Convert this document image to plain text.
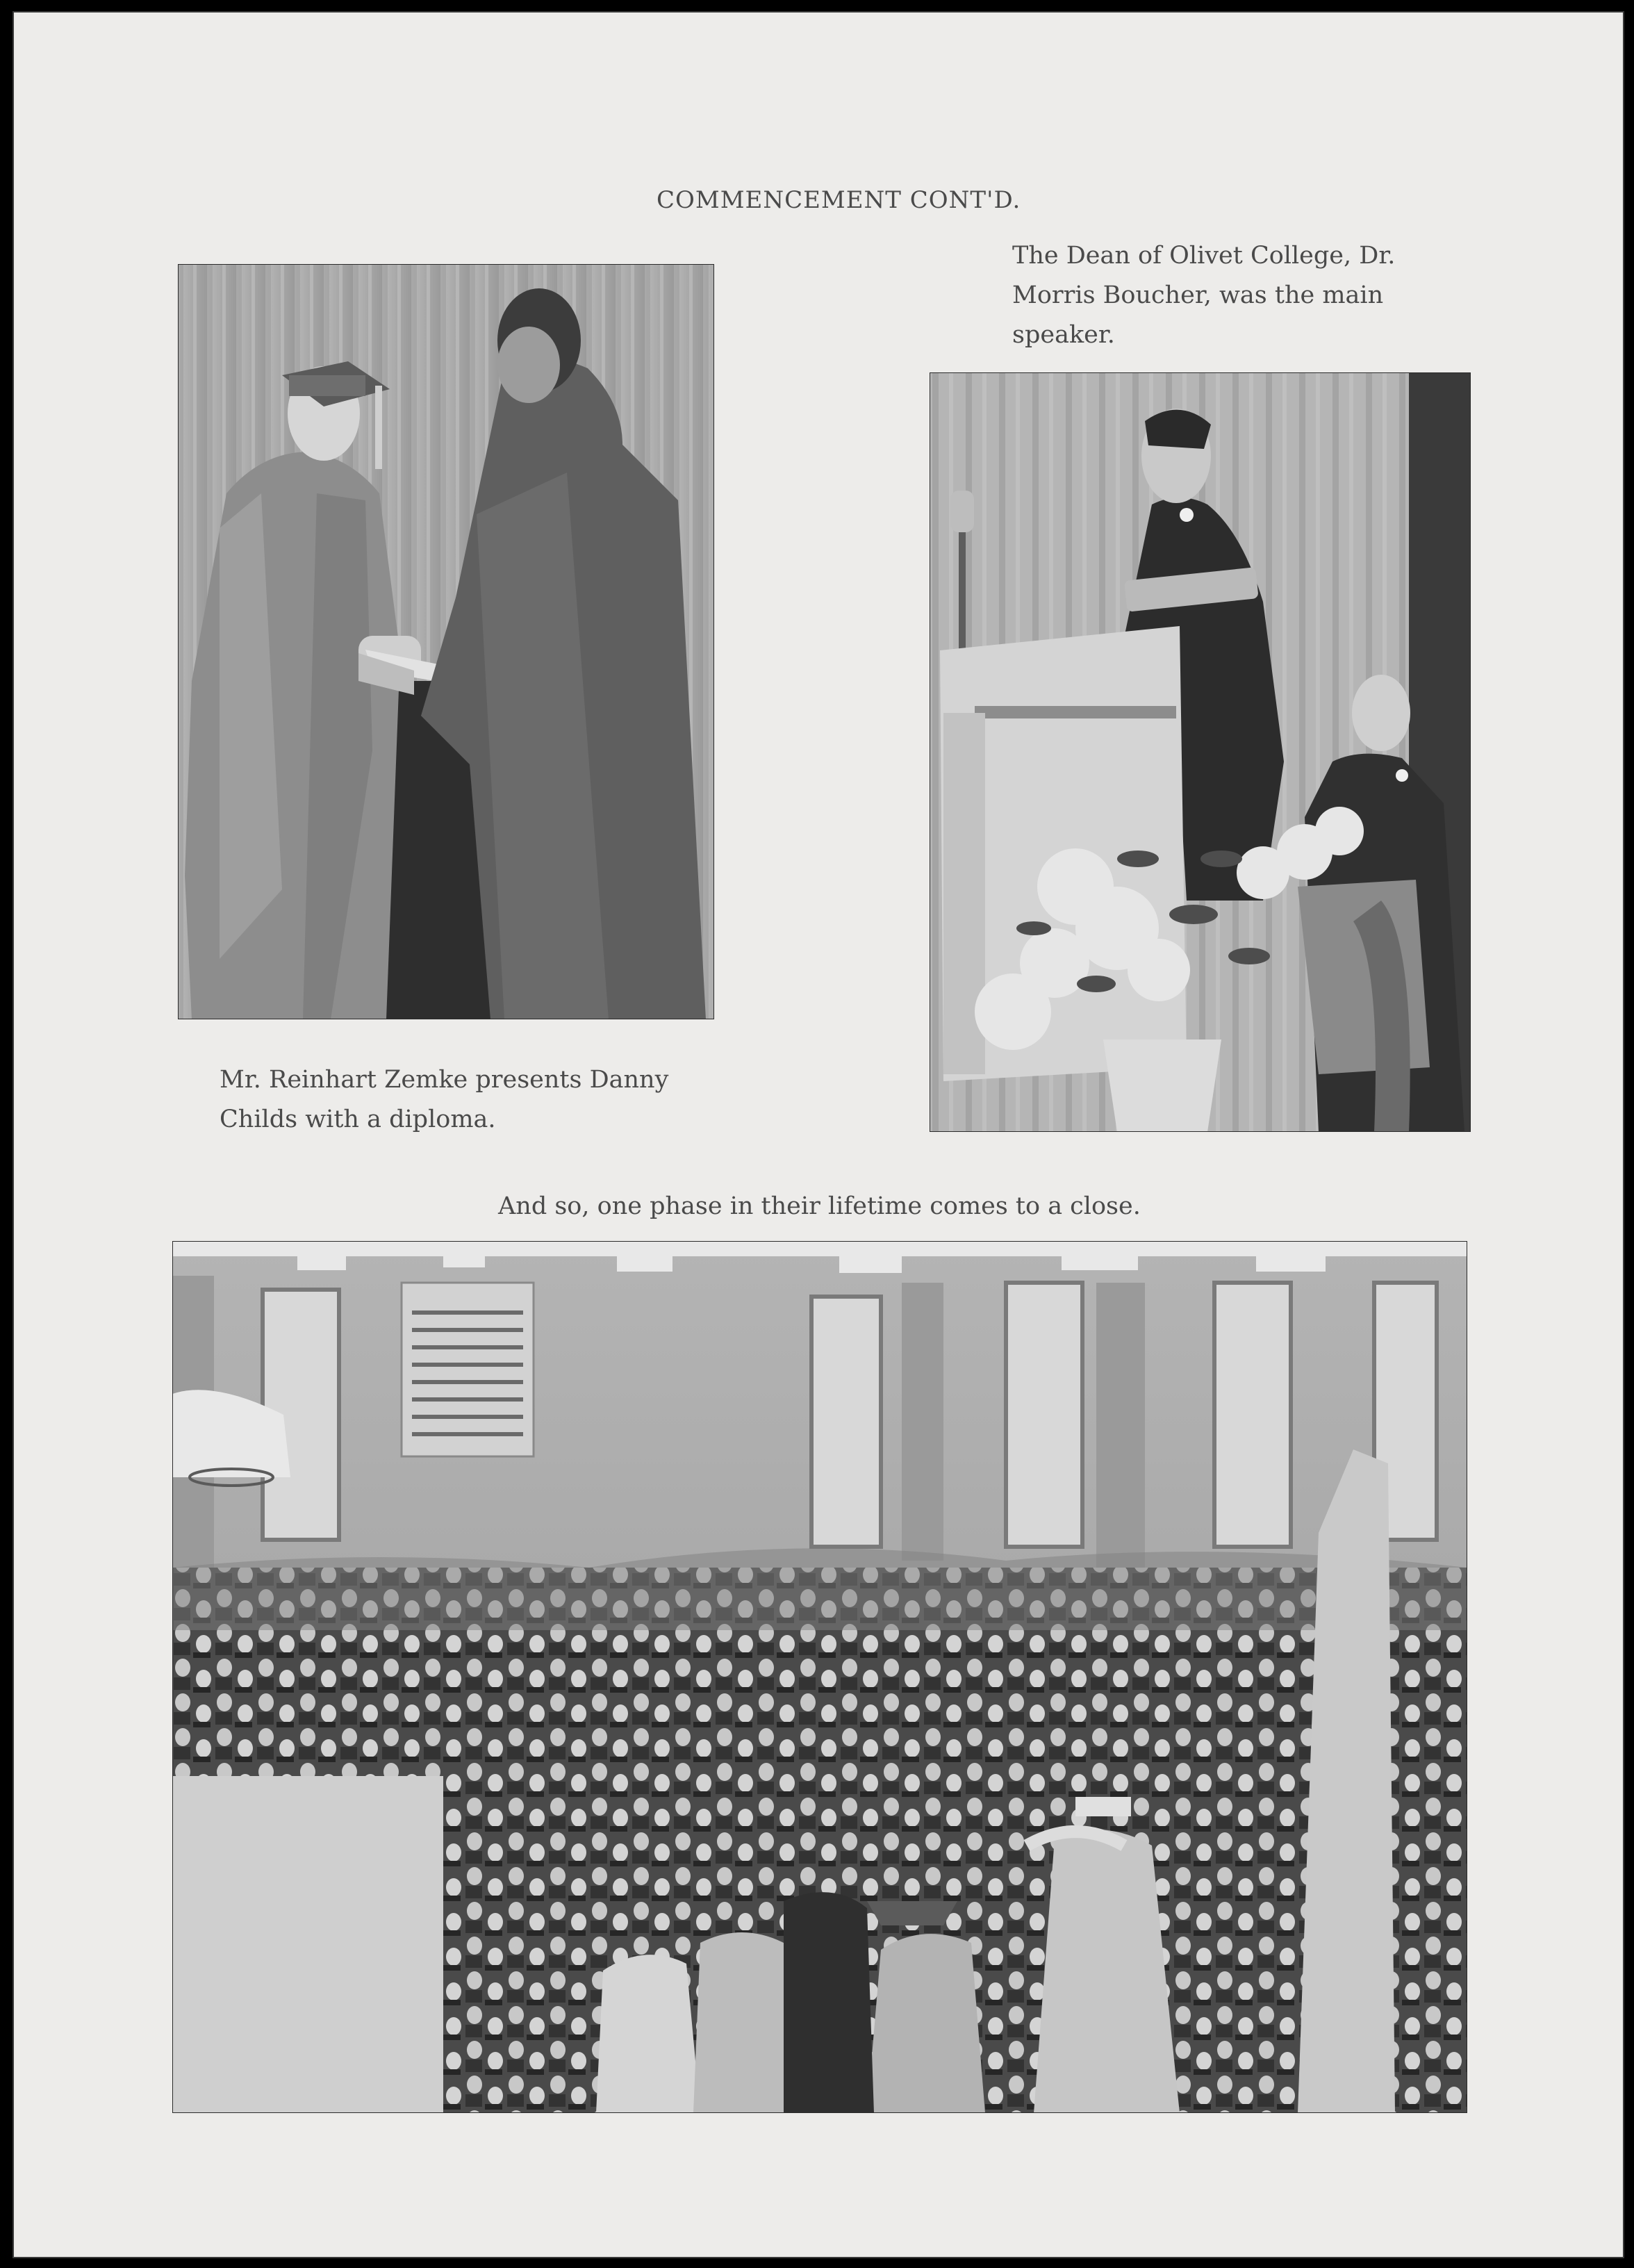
COMMENCEMENT CONT'D.
The Dean of Olivet College, Dr.
Morris Boucher, was the main
speaker.
Mr. Reinhart Zemke presents Danny
Childs with a diploma.
And so, one phase in their lifetime comes to a close.
